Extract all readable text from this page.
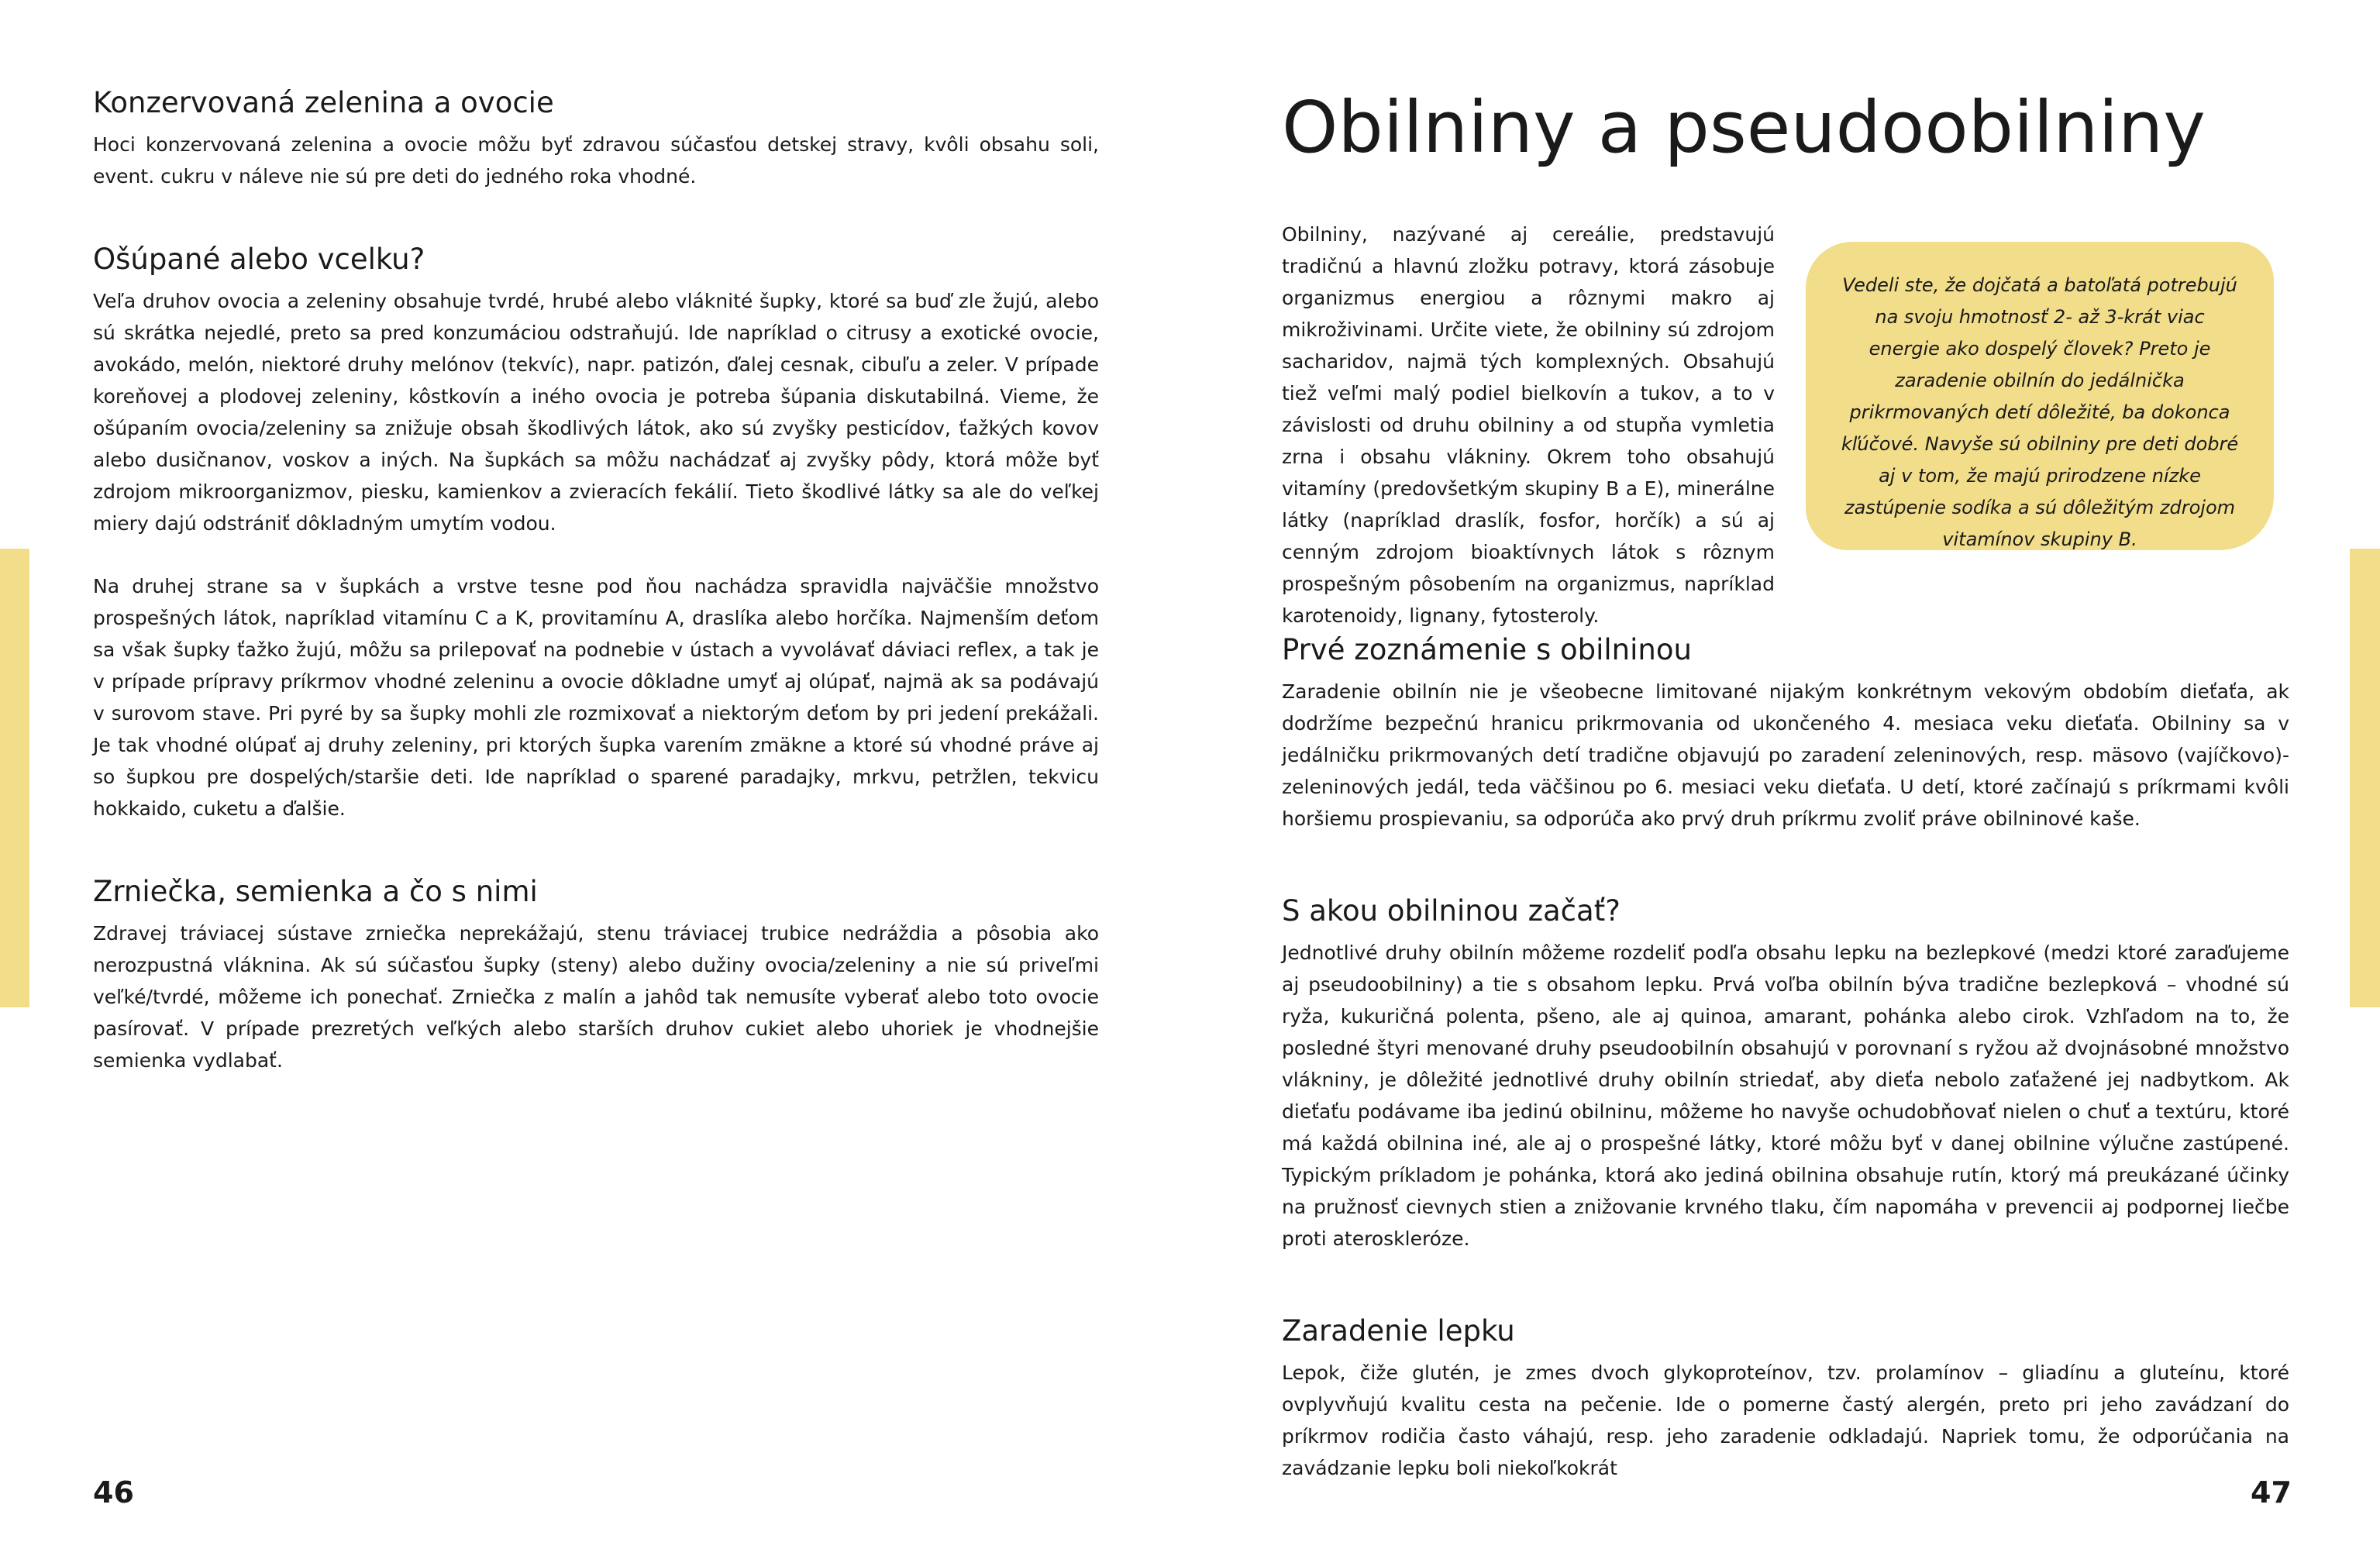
Konzervovaná zelenina a ovocie

Hoci konzervovaná zelenina a ovocie môžu byť zdravou súčasťou detskej stravy, kvôli obsahu soli, event. cukru v náleve nie sú pre deti do jedného roka vhodné.

Ošúpané alebo vcelku?

Veľa druhov ovocia a zeleniny obsahuje tvrdé, hrubé alebo vláknité šupky, ktoré sa buď zle žujú, alebo sú skrátka nejedlé, preto sa pred konzumáciou odstraňujú. Ide napríklad o citrusy a exotické ovocie, avokádo, melón, niektoré druhy melónov (tekvíc), napr. patizón, ďalej cesnak, cibuľu a zeler. V prípade koreňovej a plodovej zeleniny, kôstkovín a iného ovocia je potreba šúpania diskutabilná. Vieme, že ošúpaním ovocia/zeleniny sa znižuje obsah škodlivých látok, ako sú zvyšky pesticídov, ťažkých kovov alebo dusičnanov, voskov a iných. Na šupkách sa môžu nachádzať aj zvyšky pôdy, ktorá môže byť zdrojom mikroorganizmov, piesku, kamienkov a zvieracích fekálií. Tieto škodlivé látky sa ale do veľkej miery dajú odstrániť dôkladným umytím vodou.

Na druhej strane sa v šupkách a vrstve tesne pod ňou nachádza spravidla najväčšie množstvo prospešných látok, napríklad vitamínu C a K, provitamínu A, draslíka alebo horčíka. Najmenším deťom sa však šupky ťažko žujú, môžu sa prilepovať na podnebie v ústach a vyvolávať dáviaci reflex, a tak je v prípade prípravy príkrmov vhodné zeleninu a ovocie dôkladne umyť aj olúpať, najmä ak sa podávajú v surovom stave. Pri pyré by sa šupky mohli zle rozmixovať a niektorým deťom by pri jedení prekážali. Je tak vhodné olúpať aj druhy zeleniny, pri ktorých šupka varením zmäkne a ktoré sú vhodné práve aj so šupkou pre dospelých/staršie deti. Ide napríklad o sparené paradajky, mrkvu, petržlen, tekvicu hokkaido, cuketu a ďalšie.

Zrniečka, semienka a čo s nimi

Zdravej tráviacej sústave zrniečka neprekážajú, stenu tráviacej trubice nedráždia a pôsobia ako nerozpustná vláknina. Ak sú súčasťou šupky (steny) alebo dužiny ovocia/zeleniny a nie sú priveľmi veľké/tvrdé, môžeme ich ponechať. Zrniečka z malín a jahôd tak nemusíte vyberať alebo toto ovocie pasírovať. V prípade prezretých veľkých alebo starších druhov cukiet alebo uhoriek je vhodnejšie semienka vydlabať.

46	47
Obilniny a pseudoobilniny

Obilniny, nazývané aj cereálie, predstavujú tradičnú a hlavnú zložku potravy, ktorá zásobuje organizmus energiou a rôznymi makro aj mikroživinami. Určite viete, že obilniny sú zdrojom sacharidov, najmä tých komplexných. Obsahujú tiež veľmi malý podiel bielkovín a tukov, a to v závislosti od druhu obilniny a od stupňa vymletia zrna i obsahu vlákniny. Okrem toho obsahujú vitamíny (predovšetkým skupiny B a E), minerálne látky (napríklad draslík, fosfor, horčík) a sú aj cenným zdrojom bioaktívnych látok s rôznym prospešným pôsobením na organizmus, napríklad karotenoidy, lignany, fytosteroly.

Vedeli ste, že dojčatá a batoľatá potrebujú na svoju hmotnosť 2- až 3-krát viac energie ako dospelý človek? Preto je zaradenie obilnín do jedálnička prikrmovaných detí dôležité, ba dokonca kľúčové. Navyše sú obilniny pre deti dobré aj v tom, že majú prirodzene nízke zastúpenie sodíka a sú dôležitým zdrojom vitamínov skupiny B.

Prvé zoznámenie s obilninou

Zaradenie obilnín nie je všeobecne limitované nijakým konkrétnym vekovým obdobím dieťaťa, ak dodržíme bezpečnú hranicu prikrmovania od ukončeného 4. mesiaca veku dieťaťa. Obilniny sa v jedálničku prikrmovaných detí tradične objavujú po zaradení zeleninových, resp. mäsovo (vajíčkovo)-zeleninových jedál, teda väčšinou po 6. mesiaci veku dieťaťa. U detí, ktoré začínajú s príkrmami kvôli horšiemu prospievaniu, sa odporúča ako prvý druh príkrmu zvoliť práve obilninové kaše.

S akou obilninou začať?

Jednotlivé druhy obilnín môžeme rozdeliť podľa obsahu lepku na bezlepkové (medzi ktoré zaraďujeme aj pseudoobilniny) a tie s obsahom lepku. Prvá voľba obilnín býva tradične bezlepková – vhodné sú ryža, kukuričná polenta, pšeno, ale aj quinoa, amarant, pohánka alebo cirok. Vzhľadom na to, že posledné štyri menované druhy pseudoobilnín obsahujú v porovnaní s ryžou až dvojnásobné množstvo vlákniny, je dôležité jednotlivé druhy obilnín striedať, aby dieťa nebolo zaťažené jej nadbytkom. Ak dieťaťu podávame iba jedinú obilninu, môžeme ho navyše ochudobňovať nielen o chuť a textúru, ktoré má každá obilnina iné, ale aj o prospešné látky, ktoré môžu byť v danej obilnine výlučne zastúpené. Typickým príkladom je pohánka, ktorá ako jediná obilnina obsahuje rutín, ktorý má preukázané účinky na pružnosť cievnych stien a znižovanie krvného tlaku, čím napomáha v prevencii aj podpornej liečbe proti ateroskleróze.

Zaradenie lepku

Lepok, čiže glutén, je zmes dvoch glykoproteínov, tzv. prolamínov – gliadínu a gluteínu, ktoré ovplyvňujú kvalitu cesta na pečenie. Ide o pomerne častý alergén, preto pri jeho zavádzaní do príkrmov rodičia často váhajú, resp. jeho zaradenie odkladajú. Napriek tomu, že odporúčania na zavádzanie lepku boli niekoľkokrát
